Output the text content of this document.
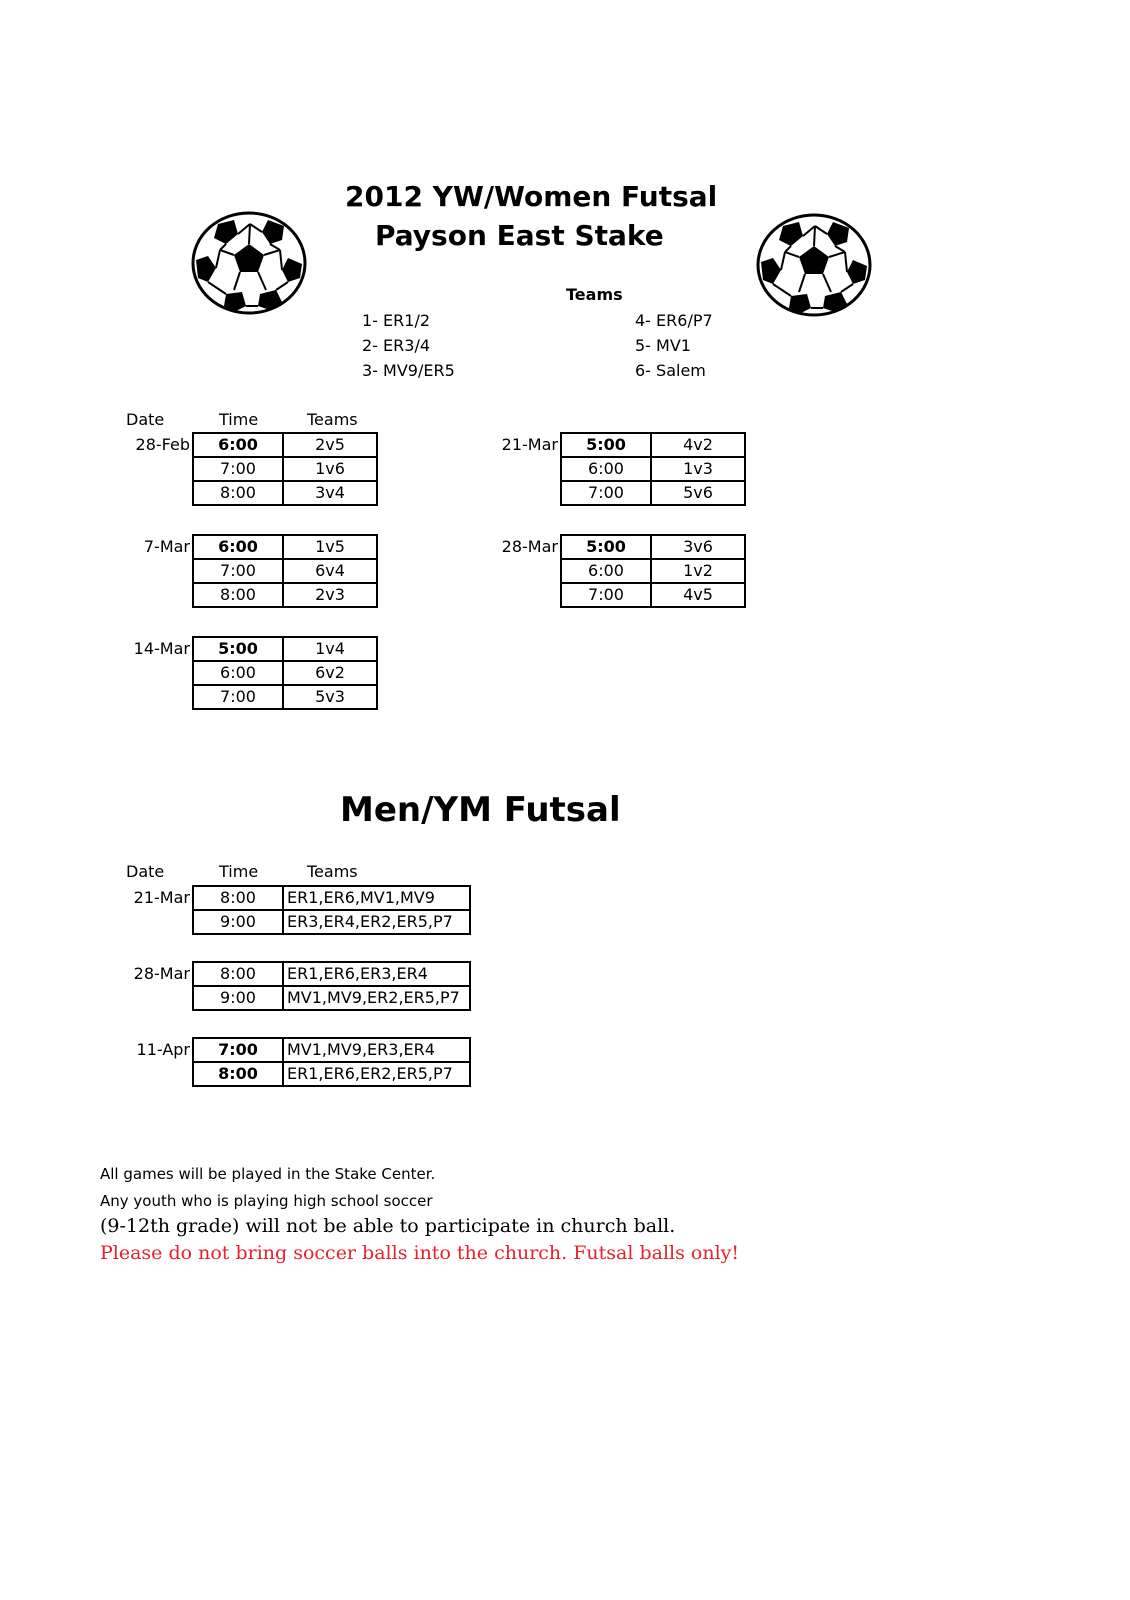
2012 YW/Women Futsal
Payson East Stake
Teams
1- ER1/2
2- ER3/4
3- MV9/ER5
4- ER6/P7
5- MV1
6- Salem
Date	Time	Teams
28-Feb 6:00	2v5
7:00	1v6
8:00	3v4
7-Mar 6:00	1v5
7:00	6v4
8:00	2v3
14-Mar 5:00	1v4
6:00	6v2
7:00	5v3
21-Mar 5:00	4v2
6:00	1v3
7:00	5v6
28-Mar 5:00	3v6
6:00	1v2
7:00	4v5
Men/YM Futsal
Date	Time	Teams
21-Mar 8:00	ER1,ER6,MV1,MV9
9:00	ER3,ER4,ER2,ER5,P7
28-Mar 8:00	ER1,ER6,ER3,ER4
9:00	MV1,MV9,ER2,ER5,P7
11-Apr 7:00	MV1,MV9,ER3,ER4
8:00	ER1,ER6,ER2,ER5,P7
All games will be played in the Stake Center.
Any youth who is playing high school soccer
(9-12th grade) will not be able to participate in church ball.
Please do not bring soccer balls into the church. Futsal balls only!
